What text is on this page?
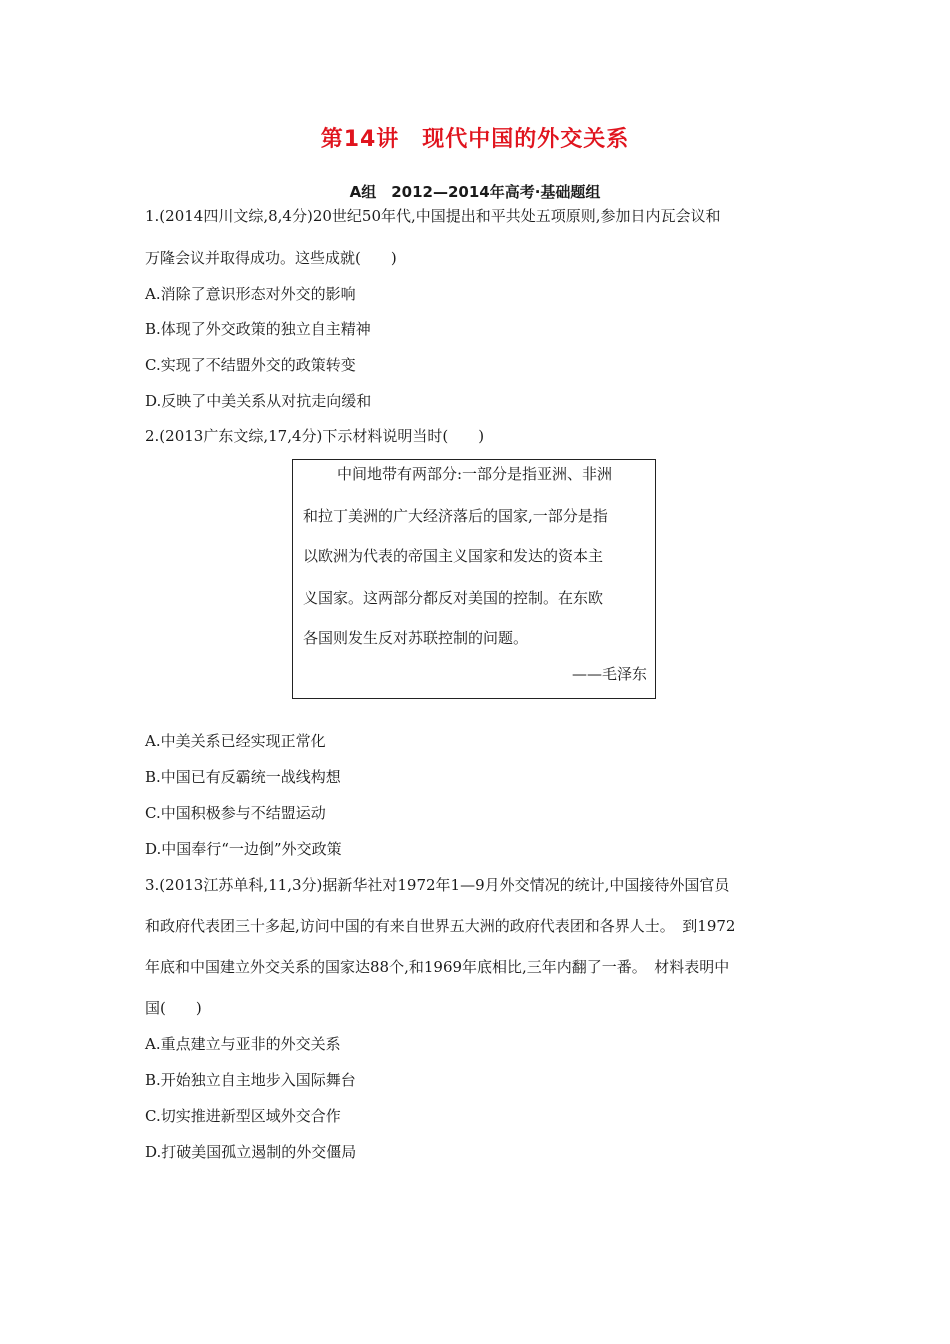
第14讲　现代中国的外交关系
A组　2012—2014年高考·基础题组
1.(2014四川文综,8,4分)20世纪50年代,中国提出和平共处五项原则,参加日内瓦会议和
万隆会议并取得成功。这些成就(　　)
A.消除了意识形态对外交的影响
B.体现了外交政策的独立自主精神
C.实现了不结盟外交的政策转变
D.反映了中美关系从对抗走向缓和
2.(2013广东文综,17,4分)下示材料说明当时(　　)
中间地带有两部分:一部分是指亚洲、非洲
和拉丁美洲的广大经济落后的国家,一部分是指
以欧洲为代表的帝国主义国家和发达的资本主
义国家。这两部分都反对美国的控制。在东欧
各国则发生反对苏联控制的问题。
——毛泽东
A.中美关系已经实现正常化
B.中国已有反霸统一战线构想
C.中国积极参与不结盟运动
D.中国奉行“一边倒”外交政策
3.(2013江苏单科,11,3分)据新华社对1972年1—9月外交情况的统计,中国接待外国官员
和政府代表团三十多起,访问中国的有来自世界五大洲的政府代表团和各界人士。　到1972
年底和中国建立外交关系的国家达88个,和1969年底相比,三年内翻了一番。　材料表明中
国(　　)
A.重点建立与亚非的外交关系
B.开始独立自主地步入国际舞台
C.切实推进新型区域外交合作
D.打破美国孤立遏制的外交僵局
